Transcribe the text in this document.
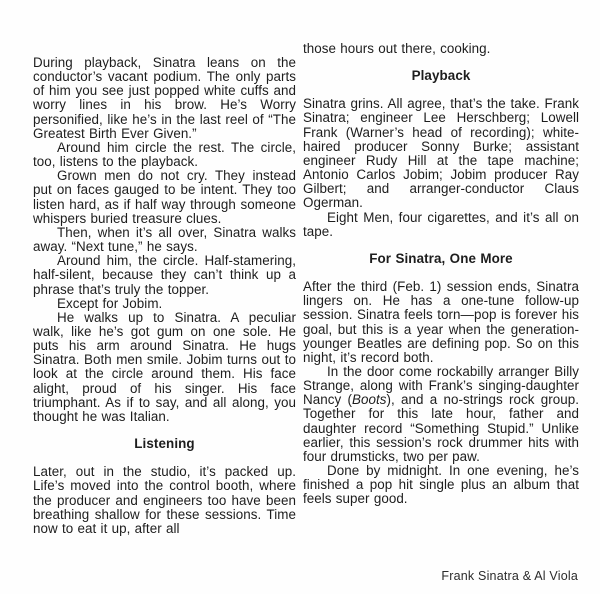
During playback, Sinatra leans on the conductor’s vacant podium. The only parts of him you see just popped white cuffs and worry lines in his brow. He’s Worry personified, like he’s in the last reel of “The Greatest Birth Ever Given.”

Around him circle the rest. The circle, too, listens to the playback.

Grown men do not cry. They instead put on faces gauged to be intent. They too listen hard, as if half way through someone whispers buried treasure clues.

Then, when it’s all over, Sinatra walks away. “Next tune,” he says.

Around him, the circle. Half-stamering, half-silent, because they can’t think up a phrase that’s truly the topper.

Except for Jobim.

He walks up to Sinatra. A peculiar walk, like he’s got gum on one sole. He puts his arm around Sinatra. He hugs Sinatra. Both men smile. Jobim turns out to look at the circle around them. His face alight, proud of his singer. His face triumphant. As if to say, and all along, you thought he was Italian.

Listening

Later, out in the studio, it’s packed up. Life’s moved into the control booth, where the producer and engineers too have been breathing shallow for these sessions. Time now to eat it up, after all

those hours out there, cooking.

Playback

Sinatra grins. All agree, that’s the take. Frank Sinatra; engineer Lee Herschberg; Lowell Frank (Warner’s head of recording); white-haired producer Sonny Burke; assistant engineer Rudy Hill at the tape machine; Antonio Carlos Jobim; Jobim producer Ray Gilbert; and arranger-conductor Claus Ogerman.

Eight Men, four cigarettes, and it’s all on tape.

For Sinatra, One More

After the third (Feb. 1) session ends, Sinatra lingers on. He has a one-tune follow-up session. Sinatra feels torn—pop is forever his goal, but this is a year when the generation-younger Beatles are defining pop. So on this night, it’s record both.

In the door come rockabilly arranger Billy Strange, along with Frank’s singing-daughter Nancy (Boots), and a no-strings rock group. Together for this late hour, father and daughter record “Something Stupid.” Unlike earlier, this session’s rock drummer hits with four drumsticks, two per paw.

Done by midnight. In one evening, he’s finished a pop hit single plus an album that feels super good.

Frank Sinatra & Al Viola
